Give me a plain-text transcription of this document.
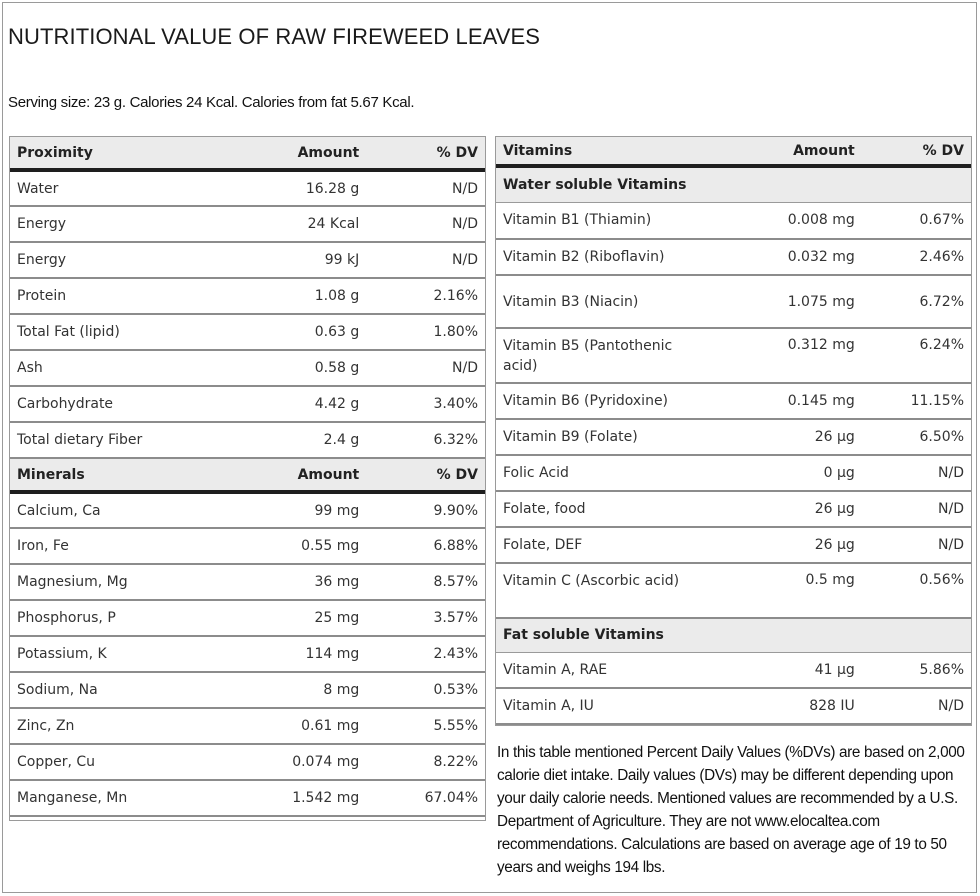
NUTRITIONAL VALUE OF RAW FIREWEED LEAVES
Serving size: 23 g. Calories 24 Kcal. Calories from fat 5.67 Kcal.
Proximity	Amount	% DV
Water	16.28 g	N/D
Energy	24 Kcal	N/D
Energy	99 kJ	N/D
Protein	1.08 g	2.16%
Total Fat (lipid)	0.63 g	1.80%
Ash	0.58 g	N/D
Carbohydrate	4.42 g	3.40%
Total dietary Fiber	2.4 g	6.32%
Minerals	Amount	% DV
Calcium, Ca	99 mg	9.90%
Iron, Fe	0.55 mg	6.88%
Magnesium, Mg	36 mg	8.57%
Phosphorus, P	25 mg	3.57%
Potassium, K	114 mg	2.43%
Sodium, Na	8 mg	0.53%
Zinc, Zn	0.61 mg	5.55%
Copper, Cu	0.074 mg	8.22%
Manganese, Mn	1.542 mg	67.04%
Vitamins	Amount	% DV
Water soluble Vitamins		
Vitamin B1 (Thiamin)	0.008 mg	0.67%
Vitamin B2 (Riboflavin)	0.032 mg	2.46%
Vitamin B3 (Niacin)	1.075 mg	6.72%
Vitamin B5 (Pantothenic acid)	0.312 mg	6.24%
Vitamin B6 (Pyridoxine)	0.145 mg	11.15%
Vitamin B9 (Folate)	26 µg	6.50%
Folic Acid	0 µg	N/D
Folate, food	26 µg	N/D
Folate, DEF	26 µg	N/D
Vitamin C (Ascorbic acid)	0.5 mg	0.56%
Fat soluble Vitamins		
Vitamin A, RAE	41 µg	5.86%
Vitamin A, IU	828 IU	N/D
In this table mentioned Percent Daily Values (%DVs) are based on 2,000 calorie diet intake. Daily values (DVs) may be different depending upon your daily calorie needs. Mentioned values are recommended by a U.S. Department of Agriculture. They are not www.elocaltea.com recommendations. Calculations are based on average age of 19 to 50 years and weighs 194 lbs.
